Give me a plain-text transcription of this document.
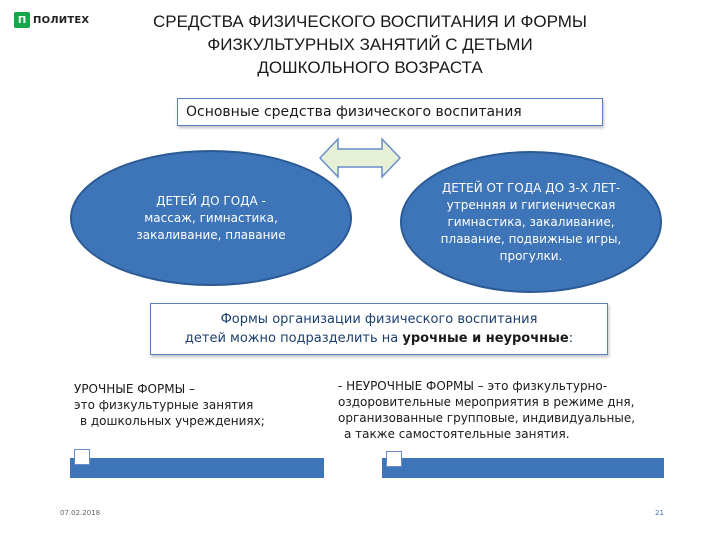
П ПОЛИТЕХ	СРЕДСТВА ФИЗИЧЕСКОГО ВОСПИТАНИЯ И ФОРМЫ
ФИЗКУЛЬТУРНЫХ ЗАНЯТИЙ С ДЕТЬМИ
ДОШКОЛЬНОГО ВОЗРАСТА
Основные средства физического воспитания
ДЕТЕЙ ДО ГОДА -
массаж, гимнастика,
закаливание, плавание
ДЕТЕЙ ОТ ГОДА ДО 3-Х ЛЕТ-
утренняя и гигиеническая
гимнастика, закаливание,
плавание, подвижные игры,
прогулки.
Формы организации физического воспитания
детей можно подразделить на урочные и неурочные:
УРОЧНЫЕ ФОРМЫ –
это физкультурные занятия
в дошкольных учреждениях;
- НЕУРОЧНЫЕ ФОРМЫ – это физкультурно-
оздоровительные мероприятия в режиме дня,
организованные групповые, индивидуальные,
а также самостоятельные занятия.
07.02.2018	21
